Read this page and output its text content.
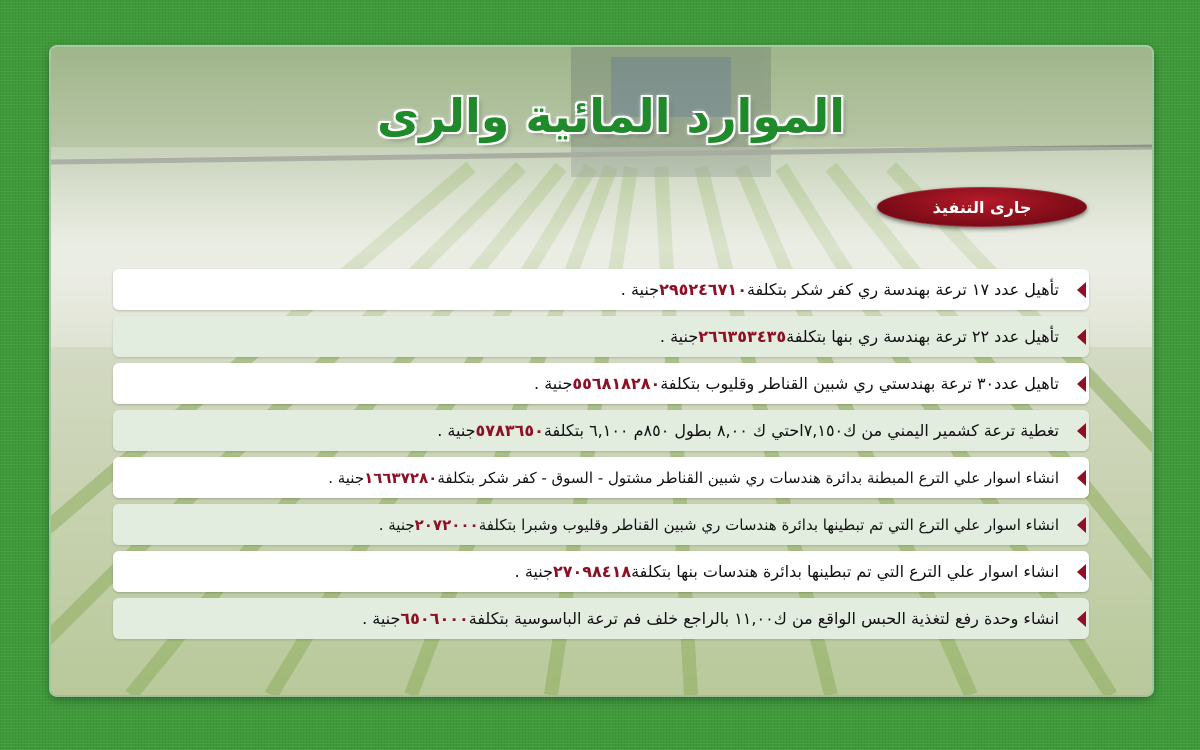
الموارد المائية والرى
جارى التنفيذ
تأهيل عدد ١٧ ترعة بهندسة ري كفر شكر بتكلفة
٢٩٥٢٤٦٧١٠
جنية .
تأهيل عدد ٢٢ ترعة بهندسة ري بنها بتكلفة
٢٦٦٣٥٣٤٣٥
جنية .
تاهيل عدد٣٠ ترعة بهندستي ري شبين القناطر وقليوب بتكلفة
٥٥٦٨١٨٢٨٠
جنية .
تغطية ترعة كشمير اليمني من ك٧,١٥٠احتي ك ٨,٠٠ بطول ٨٥٠م ٦,١٠٠ بتكلفة
٥٧٨٣٦٥٠
جنية .
انشاء اسوار علي الترع المبطنة بدائرة هندسات ري شبين القناطر مشتول - السوق - كفر شكر بتكلفة
١٦٦٣٧٢٨٠
جنية .
انشاء اسوار علي الترع التي تم تبطينها بدائرة هندسات ري شبين القناطر وقليوب وشبرا بتكلفة
٢٠٧٢٠٠٠
جنية .
انشاء اسوار علي الترع التي تم تبطينها بدائرة هندسات بنها بتكلفة
٢٧٠٩٨٤١٨
جنية .
انشاء وحدة رفع لتغذية الحبس الواقع من ك١١,٠٠ بالراجع خلف فم ترعة الباسوسية بتكلفة
٦٥٠٦٠٠٠
جنية .
